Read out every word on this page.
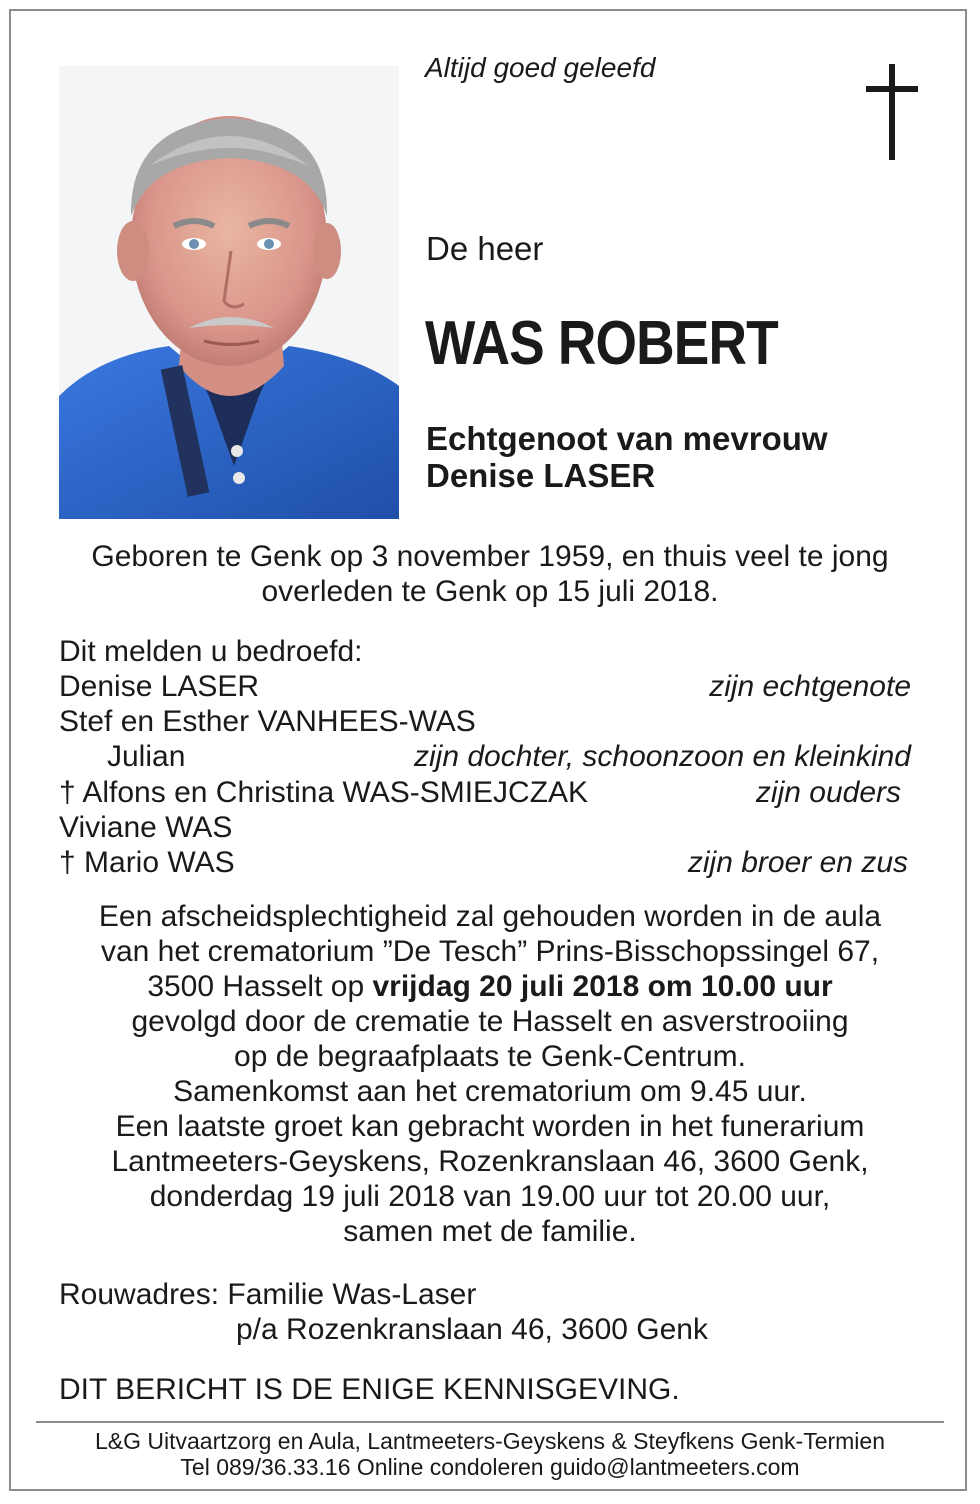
Altijd goed geleefd
De heer
WAS ROBERT
Echtgenoot van mevrouw
Denise LASER
Geboren te Genk op 3 november 1959, en thuis veel te jong
overleden te Genk op 15 juli 2018.
Dit melden u bedroefd:
Denise LASER	zijn echtgenote
Stef en Esther VANHEES-WAS
Julian	zijn dochter, schoonzoon en kleinkind
† Alfons en Christina WAS-SMIEJCZAK	zijn ouders
Viviane WAS
† Mario WAS	zijn broer en zus
Een afscheidsplechtigheid zal gehouden worden in de aula
van het crematorium ”De Tesch” Prins-Bisschopssingel 67,
3500 Hasselt op vrijdag 20 juli 2018 om 10.00 uur
gevolgd door de crematie te Hasselt en asverstrooiing
op de begraafplaats te Genk-Centrum.
Samenkomst aan het crematorium om 9.45 uur.
Een laatste groet kan gebracht worden in het funerarium
Lantmeeters-Geyskens, Rozenkranslaan 46, 3600 Genk,
donderdag 19 juli 2018 van 19.00 uur tot 20.00 uur,
samen met de familie.
Rouwadres: Familie Was-Laser
p/a Rozenkranslaan 46, 3600 Genk
DIT BERICHT IS DE ENIGE KENNISGEVING.
L&G Uitvaartzorg en Aula, Lantmeeters-Geyskens & Steyfkens Genk-Termien
Tel 089/36.33.16 Online condoleren guido@lantmeeters.com
